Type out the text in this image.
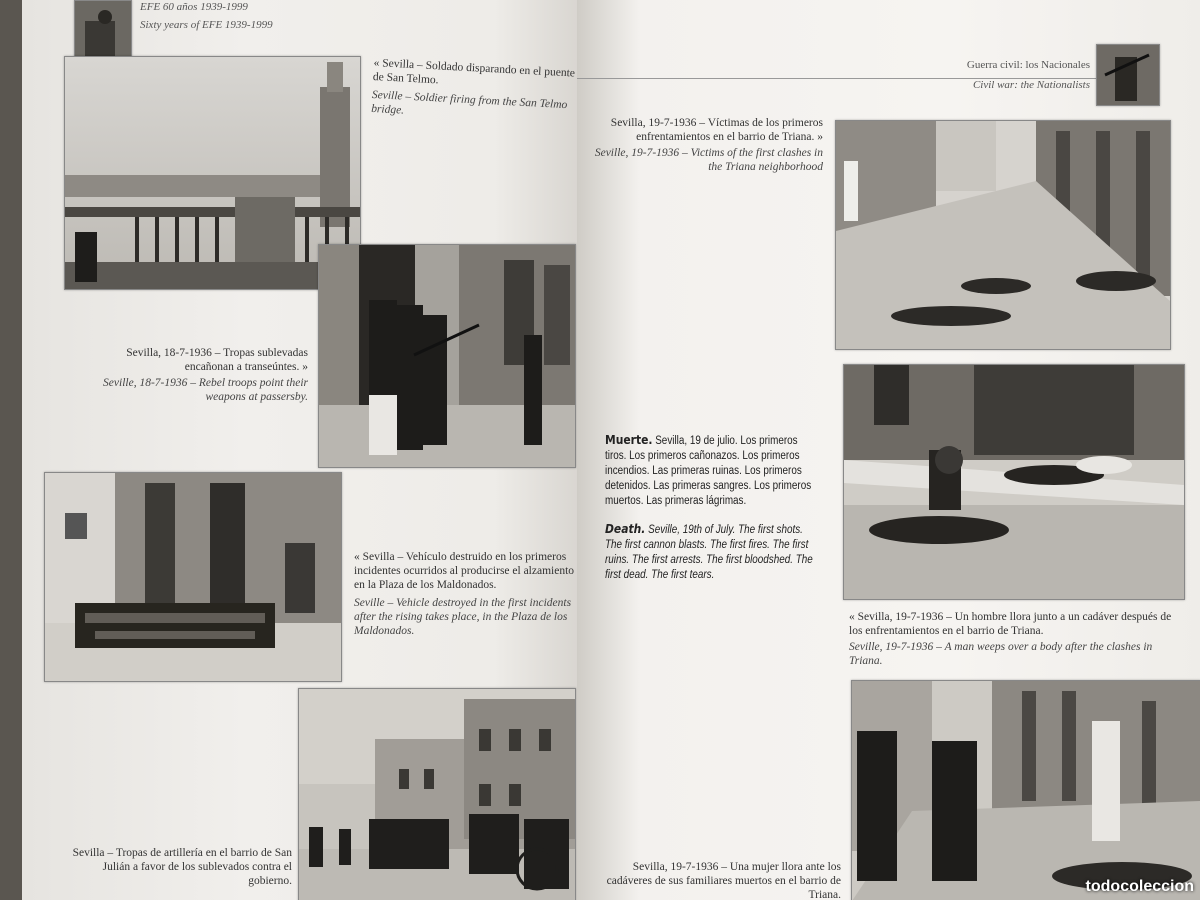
EFE 60 años 1939-1999
Sixty years of EFE 1939-1999
« Sevilla – Soldado disparando en el puente de San Telmo.
Seville – Soldier firing from the San Telmo bridge.
Sevilla, 18-7-1936 – Tropas sublevadas encañonan a transeúntes. »
Seville, 18-7-1936 – Rebel troops point their weapons at passersby.
« Sevilla – Vehículo destruido en los primeros incidentes ocurridos al producirse el alzamiento en la Plaza de los Maldonados.
Seville – Vehicle destroyed in the first incidents after the rising takes place, in the Plaza de los Maldonados.
Sevilla – Tropas de artillería en el barrio de San Julián a favor de los sublevados contra el gobierno.
Guerra civil: los Nacionales
Civil war: the Nationalists
Sevilla, 19-7-1936 – Víctimas de los primeros enfrentamientos en el barrio de Triana. »
Seville, 19-7-1936 – Victims of the first clashes in the Triana neighborhood
Muerte. Sevilla, 19 de julio. Los primeros tiros. Los primeros cañonazos. Los primeros incendios. Las primeras ruinas. Los primeros detenidos. Las primeras sangres. Los primeros muertos. Las primeras lágrimas.
Death. Seville, 19th of July. The first shots. The first cannon blasts. The first fires. The first ruins. The first arrests. The first bloodshed. The first dead. The first tears.
« Sevilla, 19-7-1936 – Un hombre llora junto a un cadáver después de los enfrentamientos en el barrio de Triana.
Seville, 19-7-1936 – A man weeps over a body after the clashes in Triana.
Sevilla, 19-7-1936 – Una mujer llora ante los cadáveres de sus familiares muertos en el barrio de Triana.	todocoleccion
